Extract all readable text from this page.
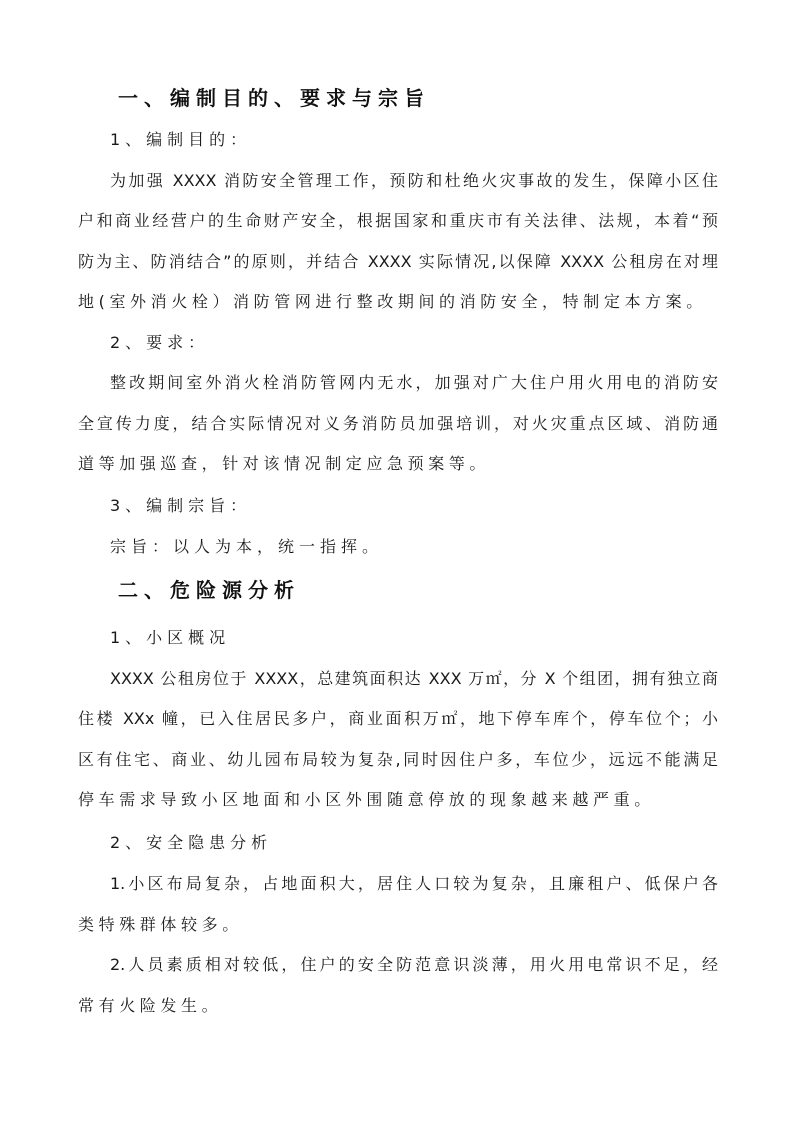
一、编制目的、要求与宗旨
1、编制目的：
为加强 XXXX 消防安全管理工作，预防和杜绝火灾事故的发生，保障小区住
户和商业经营户的生命财产安全，根据国家和重庆市有关法律、法规，本着“预
防为主、防消结合”的原则，并结合 XXXX 实际情况,以保障 XXXX 公租房在对埋
地(室外消火栓）消防管网进行整改期间的消防安全，特制定本方案。
2、要求：
整改期间室外消火栓消防管网内无水，加强对广大住户用火用电的消防安
全宣传力度，结合实际情况对义务消防员加强培训，对火灾重点区域、消防通
道等加强巡查，针对该情况制定应急预案等。
3、编制宗旨：
宗旨：以人为本，统一指挥。
二、危险源分析
1、小区概况
XXXX 公租房位于 XXXX，总建筑面积达 XXX 万㎡，分 X 个组团，拥有独立商
住楼 XXx 幢，已入住居民多户，商业面积万㎡，地下停车库个，停车位个；小
区有住宅、商业、幼儿园布局较为复杂,同时因住户多，车位少，远远不能满足
停车需求导致小区地面和小区外围随意停放的现象越来越严重。
2、安全隐患分析
1.小区布局复杂，占地面积大，居住人口较为复杂，且廉租户、低保户各
类特殊群体较多。
2.人员素质相对较低，住户的安全防范意识淡薄，用火用电常识不足，经
常有火险发生。
